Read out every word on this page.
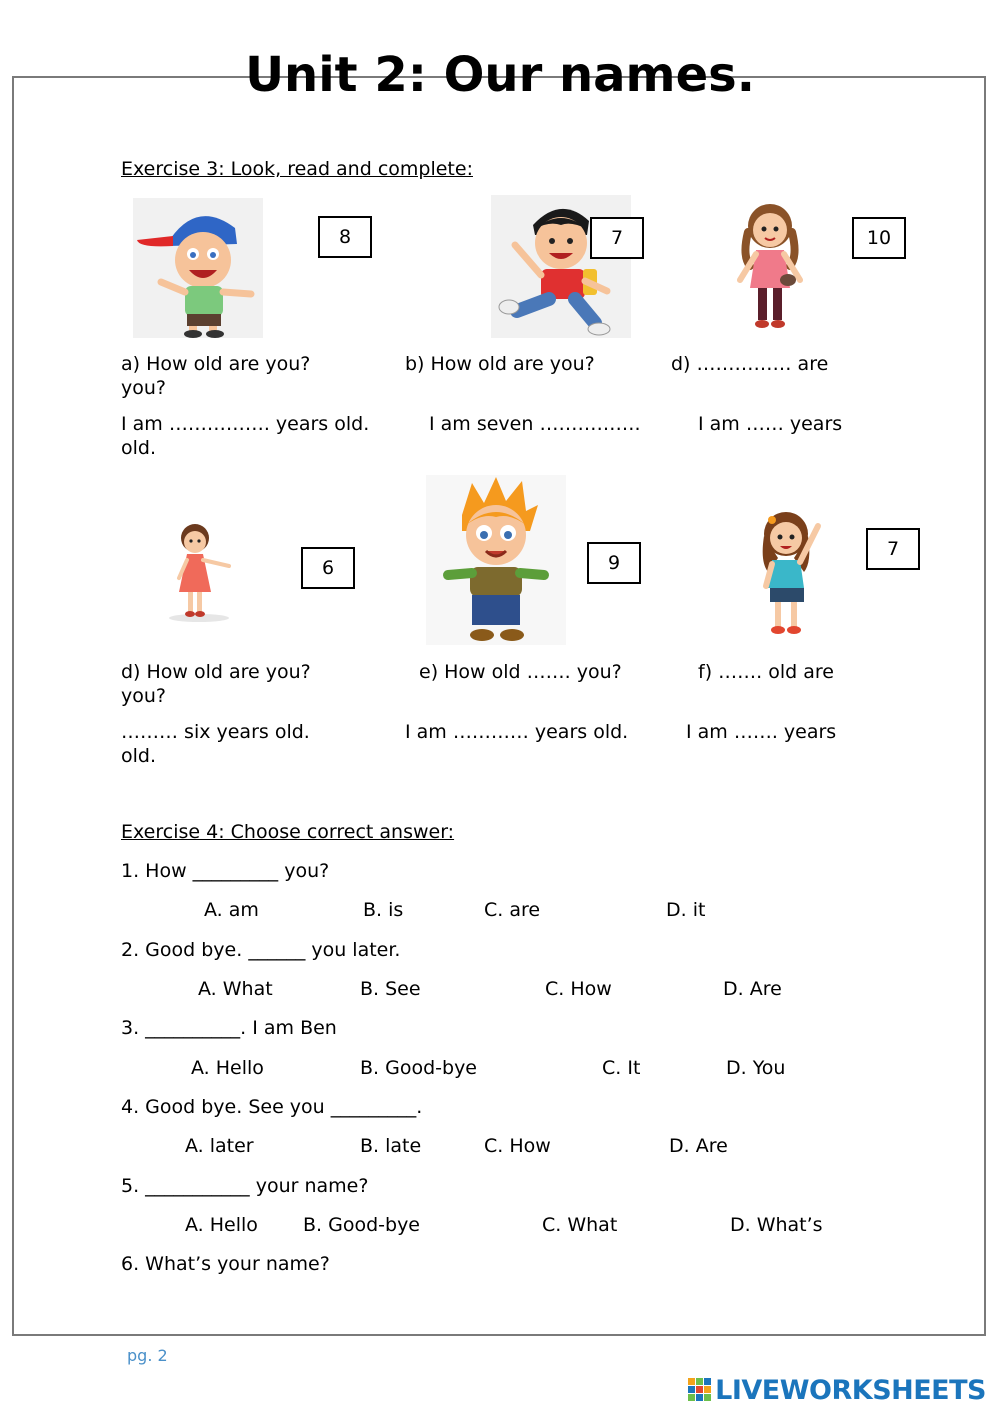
Unit 2: Our names.
Exercise 3: Look, read and complete:
8	7	10
a) How old are you?	b) How old are you?	d) …………… are
you?
I am ……………. years old.	I am seven …………….	I am …… years
old.
6	9
7
d) How old are you?	e) How old ……. you?	f) ……. old are
you?
……… six years old.	I am ………… years old.	I am ……. years
old.
Exercise 4: Choose correct answer:
1. How _________ you?
A. am	B. is	C. are	D. it
2. Good bye. ______ you later.
A. What	B. See	C. How	D. Are
3. __________. I am Ben
A. Hello	B. Good-bye	C. It	D. You
4. Good bye. See you _________.
A. later	B. late	C. How	D. Are
5. ___________ your name?
A. Hello B. Good-bye	C. What	D. What’s
6. What’s your name?
pg. 2
LIVEWORKSHEETS
